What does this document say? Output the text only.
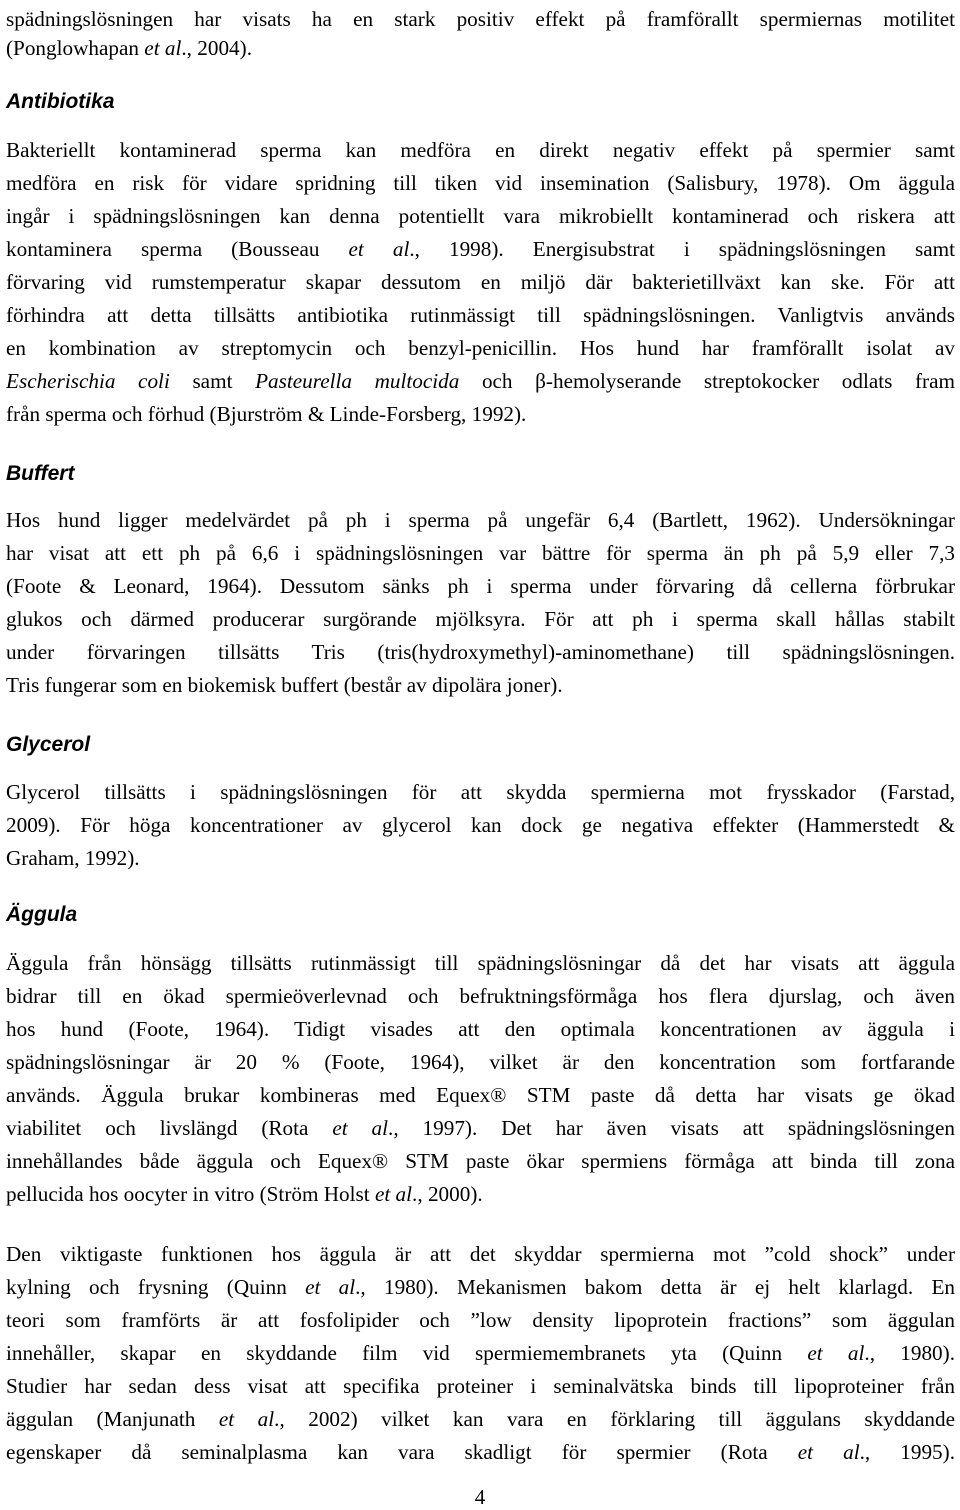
spädningslösningen har visats ha en stark positiv effekt på framförallt spermiernas motilitet
(Ponglowhapan et al., 2004).
Antibiotika
Bakteriellt kontaminerad sperma kan medföra en direkt negativ effekt på spermier samt
medföra en risk för vidare spridning till tiken vid insemination (Salisbury, 1978). Om äggula
ingår i spädningslösningen kan denna potentiellt vara mikrobiellt kontaminerad och riskera att
kontaminera sperma (Bousseau et al., 1998). Energisubstrat i spädningslösningen samt
förvaring vid rumstemperatur skapar dessutom en miljö där bakterietillväxt kan ske. För att
förhindra att detta tillsätts antibiotika rutinmässigt till spädningslösningen. Vanligtvis används
en kombination av streptomycin och benzyl-penicillin. Hos hund har framförallt isolat av
Escherischia coli samt Pasteurella multocida och β-hemolyserande streptokocker odlats fram
från sperma och förhud (Bjurström & Linde-Forsberg, 1992).
Buffert
Hos hund ligger medelvärdet på ph i sperma på ungefär 6,4 (Bartlett, 1962). Undersökningar
har visat att ett ph på 6,6 i spädningslösningen var bättre för sperma än ph på 5,9 eller 7,3
(Foote & Leonard, 1964). Dessutom sänks ph i sperma under förvaring då cellerna förbrukar
glukos och därmed producerar surgörande mjölksyra. För att ph i sperma skall hållas stabilt
under förvaringen tillsätts Tris (tris(hydroxymethyl)-aminomethane) till spädningslösningen.
Tris fungerar som en biokemisk buffert (består av dipolära joner).
Glycerol
Glycerol tillsätts i spädningslösningen för att skydda spermierna mot frysskador (Farstad,
2009). För höga koncentrationer av glycerol kan dock ge negativa effekter (Hammerstedt &
Graham, 1992).
Äggula
Äggula från hönsägg tillsätts rutinmässigt till spädningslösningar då det har visats att äggula
bidrar till en ökad spermieöverlevnad och befruktningsförmåga hos flera djurslag, och även
hos hund (Foote, 1964). Tidigt visades att den optimala koncentrationen av äggula i
spädningslösningar är 20 % (Foote, 1964), vilket är den koncentration som fortfarande
används. Äggula brukar kombineras med Equex® STM paste då detta har visats ge ökad
viabilitet och livslängd (Rota et al., 1997). Det har även visats att spädningslösningen
innehållandes både äggula och Equex® STM paste ökar spermiens förmåga att binda till zona
pellucida hos oocyter in vitro (Ström Holst et al., 2000).
Den viktigaste funktionen hos äggula är att det skyddar spermierna mot ”cold shock” under
kylning och frysning (Quinn et al., 1980). Mekanismen bakom detta är ej helt klarlagd. En
teori som framförts är att fosfolipider och ”low density lipoprotein fractions” som äggulan
innehåller, skapar en skyddande film vid spermiemembranets yta (Quinn et al., 1980).
Studier har sedan dess visat att specifika proteiner i seminalvätska binds till lipoproteiner från
äggulan (Manjunath et al., 2002) vilket kan vara en förklaring till äggulans skyddande
egenskaper då seminalplasma kan vara skadligt för spermier (Rota et al., 1995).
4
